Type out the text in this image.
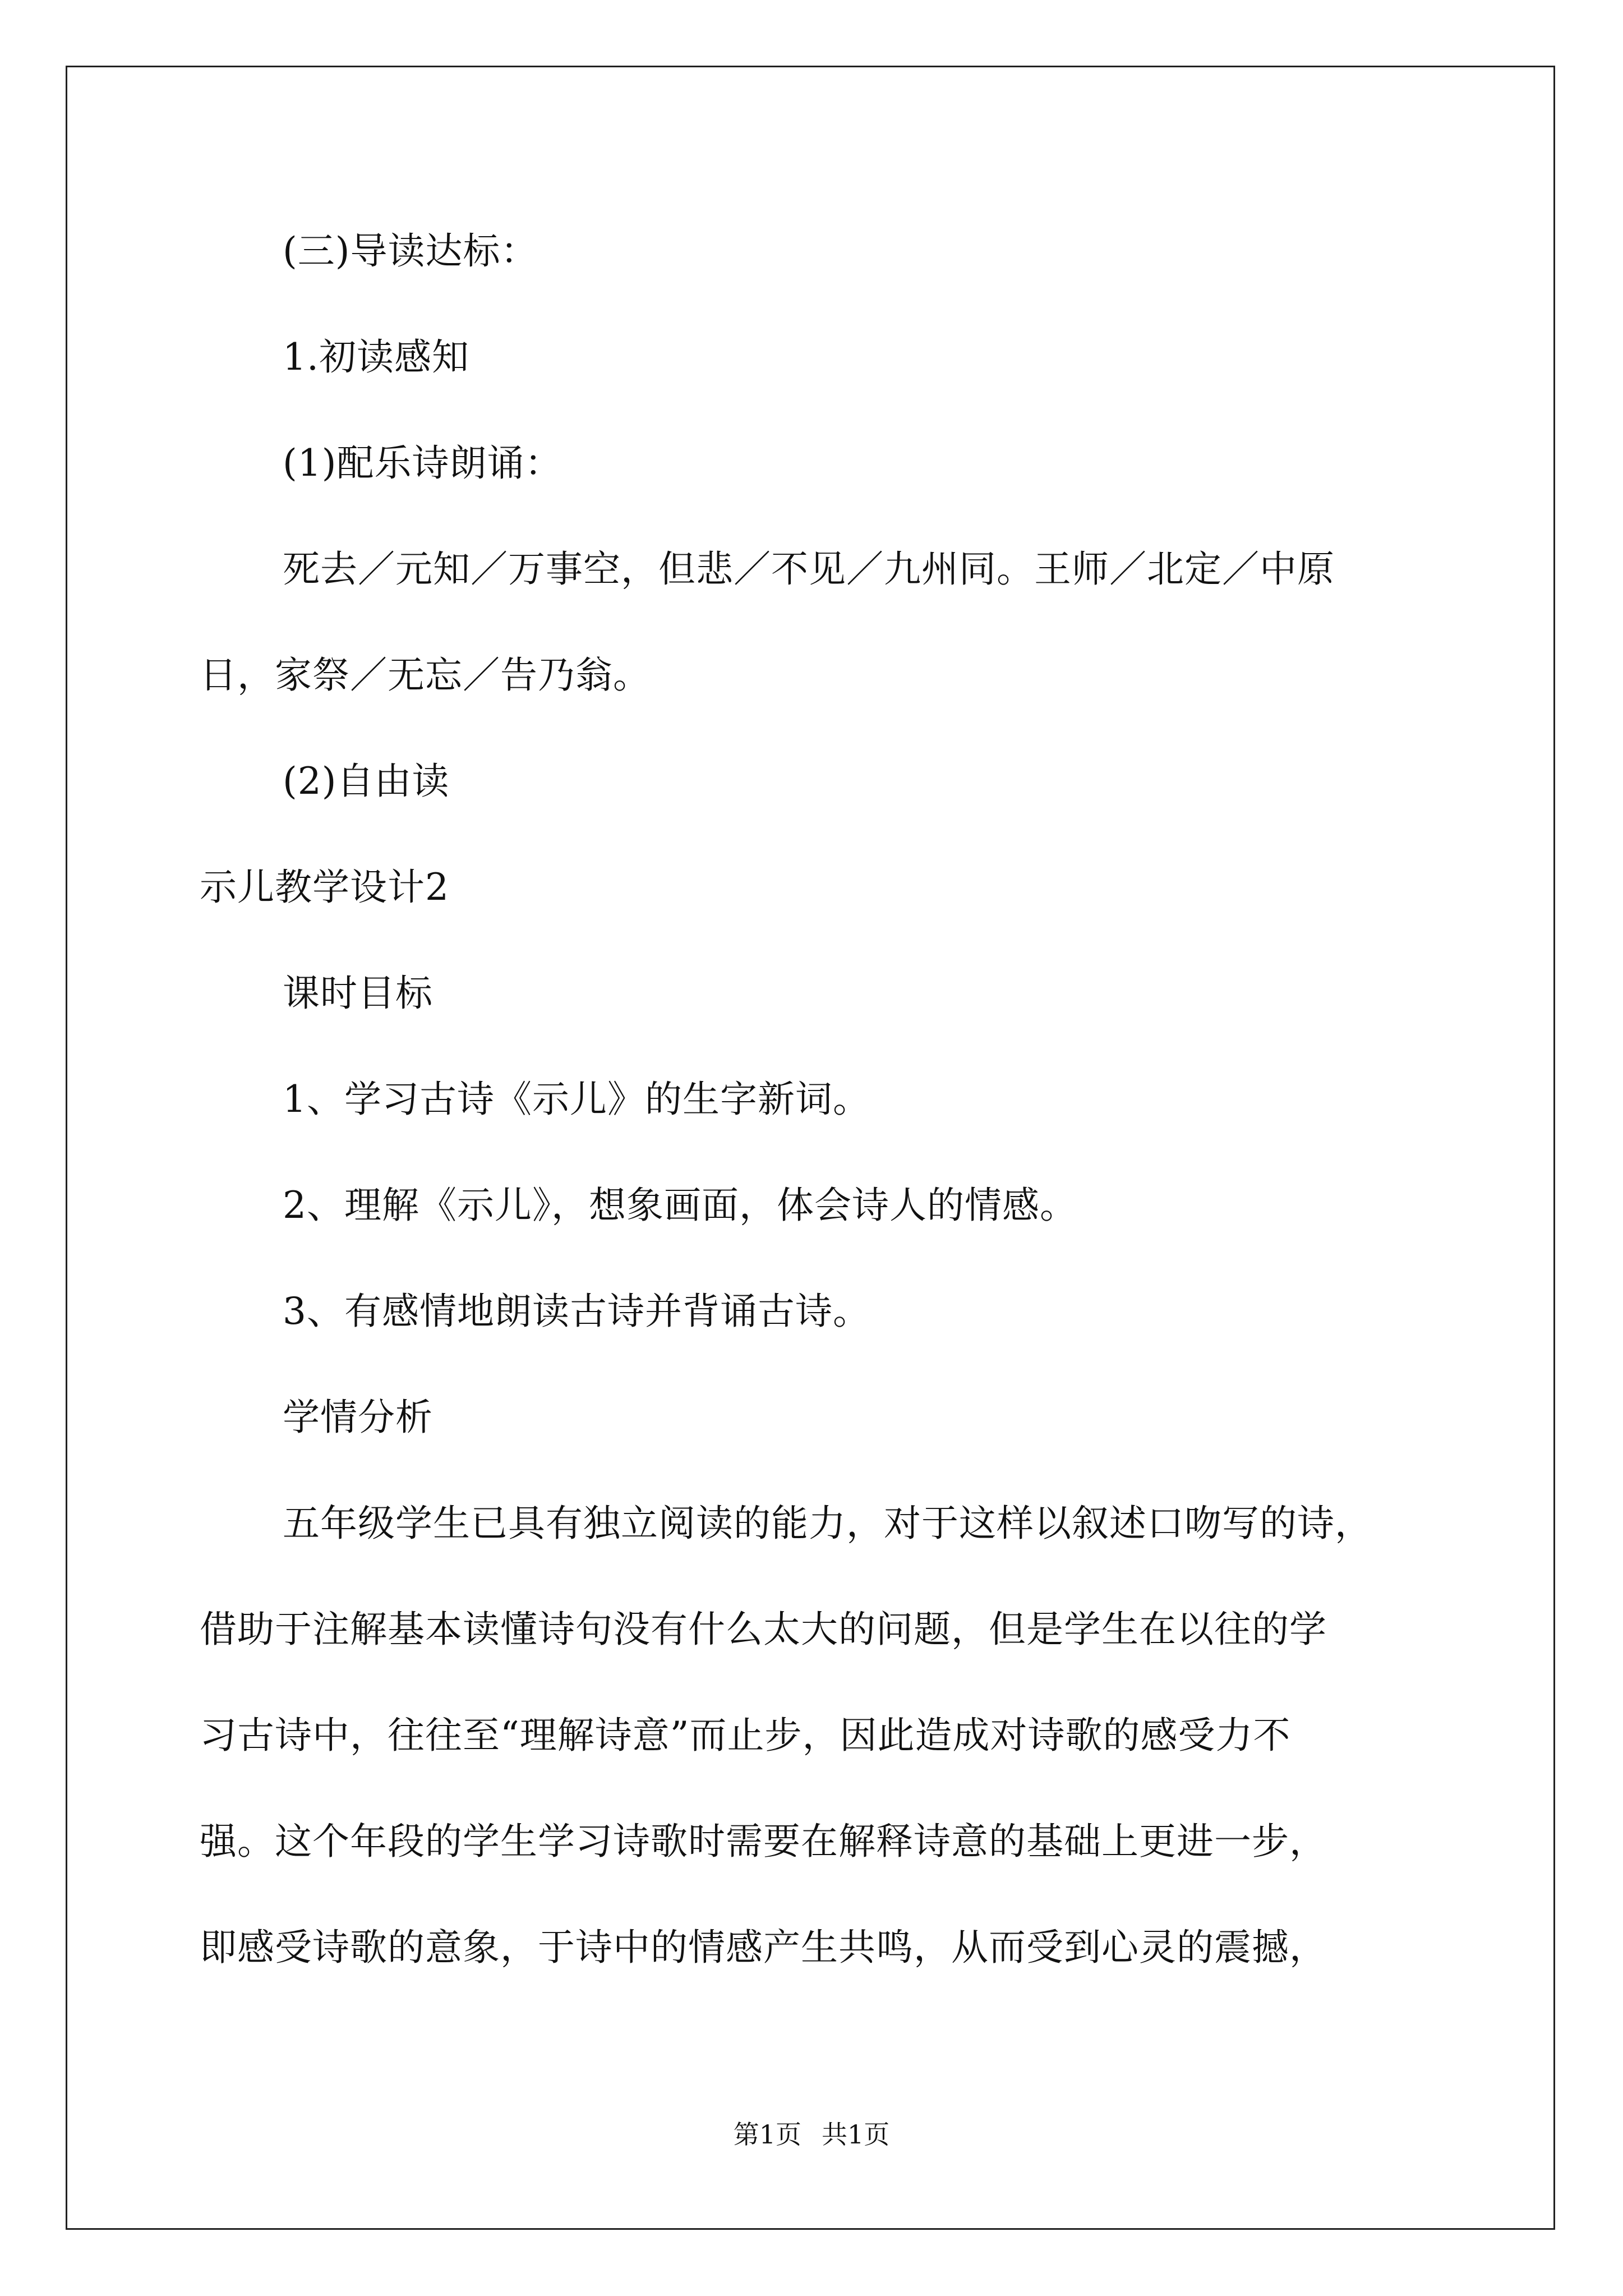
(三)导读达标：
1.初读感知
(1)配乐诗朗诵：
死去／元知／万事空，但悲／不见／九州同。王师／北定／中原
日，家祭／无忘／告乃翁。
(2)自由读
示儿教学设计2
课时目标
1、学习古诗《示儿》的生字新词。
2、理解《示儿》，想象画面，体会诗人的情感。
3、有感情地朗读古诗并背诵古诗。
学情分析
五年级学生已具有独立阅读的能力，对于这样以叙述口吻写的诗，
借助于注解基本读懂诗句没有什么太大的问题，但是学生在以往的学
习古诗中，往往至“理解诗意”而止步，因此造成对诗歌的感受力不
强。这个年段的学生学习诗歌时需要在解释诗意的基础上更进一步，
即感受诗歌的意象，于诗中的情感产生共鸣，从而受到心灵的震撼，
第1页 共1页
